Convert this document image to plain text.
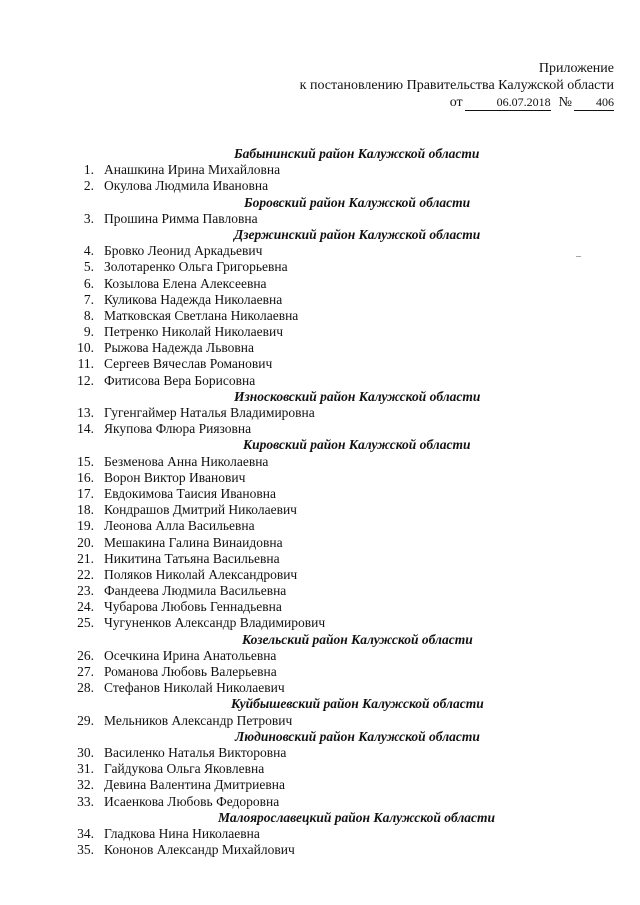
Приложение
к постановлению Правительства Калужской области
от	06.07.2018 №	406
–
Бабынинский район Калужской области
1. Анашкина Ирина Михайловна
2. Окулова Людмила Ивановна
Боровский район Калужской области
3. Прошина Римма Павловна
Дзержинский район Калужской области
4. Бровко Леонид Аркадьевич
5. Золотаренко Ольга Григорьевна
6. Козылова Елена Алексеевна
7. Куликова Надежда Николаевна
8. Матковская Светлана Николаевна
9. Петренко Николай Николаевич
10. Рыжова Надежда Львовна
11. Сергеев Вячеслав Романович
12. Фитисова Вера Борисовна
Износковский район Калужской области
13. Гугенгаймер Наталья Владимировна
14. Якупова Флюра Риязовна
Кировский район Калужской области
15. Безменова Анна Николаевна
16. Ворон Виктор Иванович
17. Евдокимова Таисия Ивановна
18. Кондрашов Дмитрий Николаевич
19. Леонова Алла Васильевна
20. Мешакина Галина Винаидовна
21. Никитина Татьяна Васильевна
22. Поляков Николай Александрович
23. Фандеева Людмила Васильевна
24. Чубарова Любовь Геннадьевна
25. Чугуненков Александр Владимирович
Козельский район Калужской области
26. Осечкина Ирина Анатольевна
27. Романова Любовь Валерьевна
28. Стефанов Николай Николаевич
Куйбышевский район Калужской области
29. Мельников Александр Петрович
Людиновский район Калужской области
30. Василенко Наталья Викторовна
31. Гайдукова Ольга Яковлевна
32. Девина Валентина Дмитриевна
33. Исаенкова Любовь Федоровна
Малоярославецкий район Калужской области
34. Гладкова Нина Николаевна
35. Кононов Александр Михайлович
